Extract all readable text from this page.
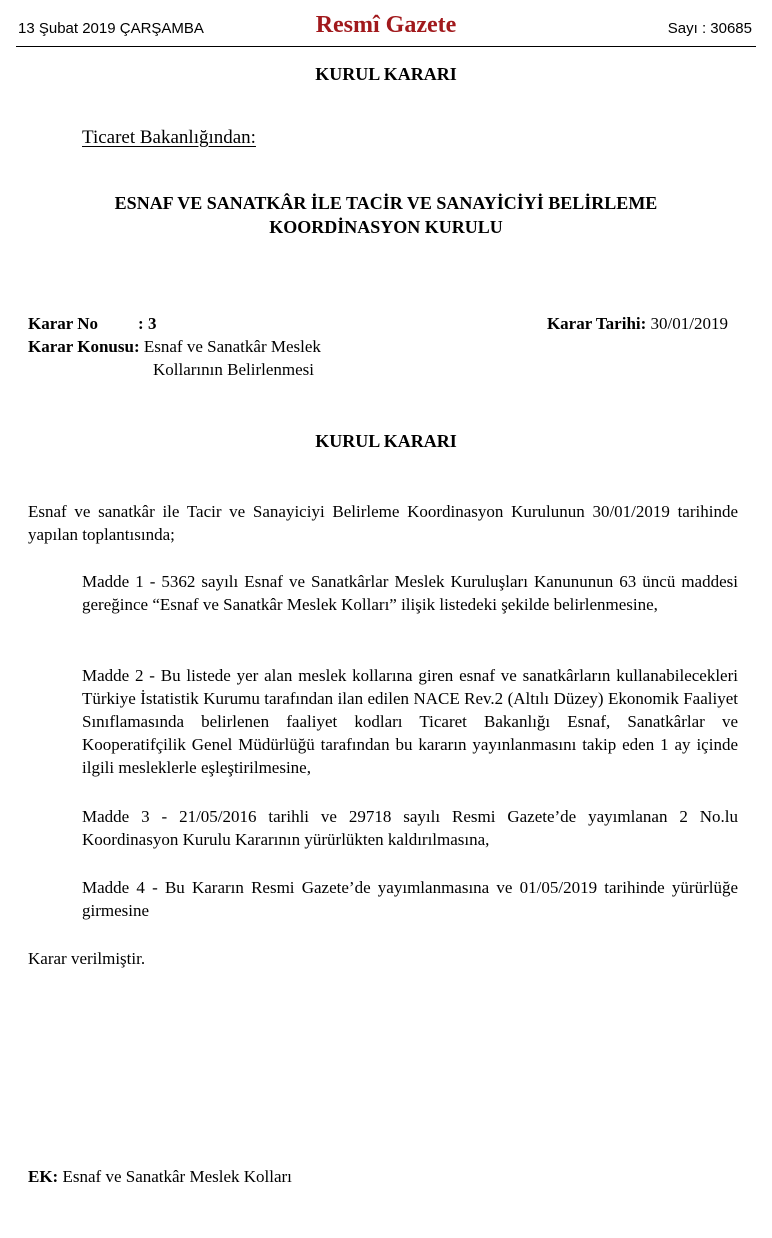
13 Şubat 2019 ÇARŞAMBA	Resmî Gazete	Sayı : 30685
KURUL KARARI
Ticaret Bakanlığından:
ESNAF VE SANATKÂR İLE TACİR VE SANAYİCİYİ BELİRLEME
KOORDİNASYON KURULU
Karar No : 3	Karar Tarihi: 30/01/2019
Karar Konusu: Esnaf ve Sanatkâr Meslek
Kollarının Belirlenmesi
KURUL KARARI
Esnaf ve sanatkâr ile Tacir ve Sanayiciyi Belirleme Koordinasyon Kurulunun 30/01/2019 tarihinde yapılan toplantısında;
Madde 1 - 5362 sayılı Esnaf ve Sanatkârlar Meslek Kuruluşları Kanununun 63 üncü maddesi gereğince “Esnaf ve Sanatkâr Meslek Kolları” ilişik listedeki şekilde belirlenmesine,
Madde 2 - Bu listede yer alan meslek kollarına giren esnaf ve sanatkârların kullanabilecekleri Türkiye İstatistik Kurumu tarafından ilan edilen NACE Rev.2 (Altılı Düzey) Ekonomik Faaliyet Sınıflamasında belirlenen faaliyet kodları Ticaret Bakanlığı Esnaf, Sanatkârlar ve Kooperatifçilik Genel Müdürlüğü tarafından bu kararın yayınlanmasını takip eden 1 ay içinde ilgili mesleklerle eşleştirilmesine,
Madde 3 - 21/05/2016 tarihli ve 29718 sayılı Resmi Gazete’de yayımlanan 2 No.lu Koordinasyon Kurulu Kararının yürürlükten kaldırılmasına,
Madde 4 - Bu Kararın Resmi Gazete’de yayımlanmasına ve 01/05/2019 tarihinde yürürlüğe girmesine
Karar verilmiştir.
EK: Esnaf ve Sanatkâr Meslek Kolları
